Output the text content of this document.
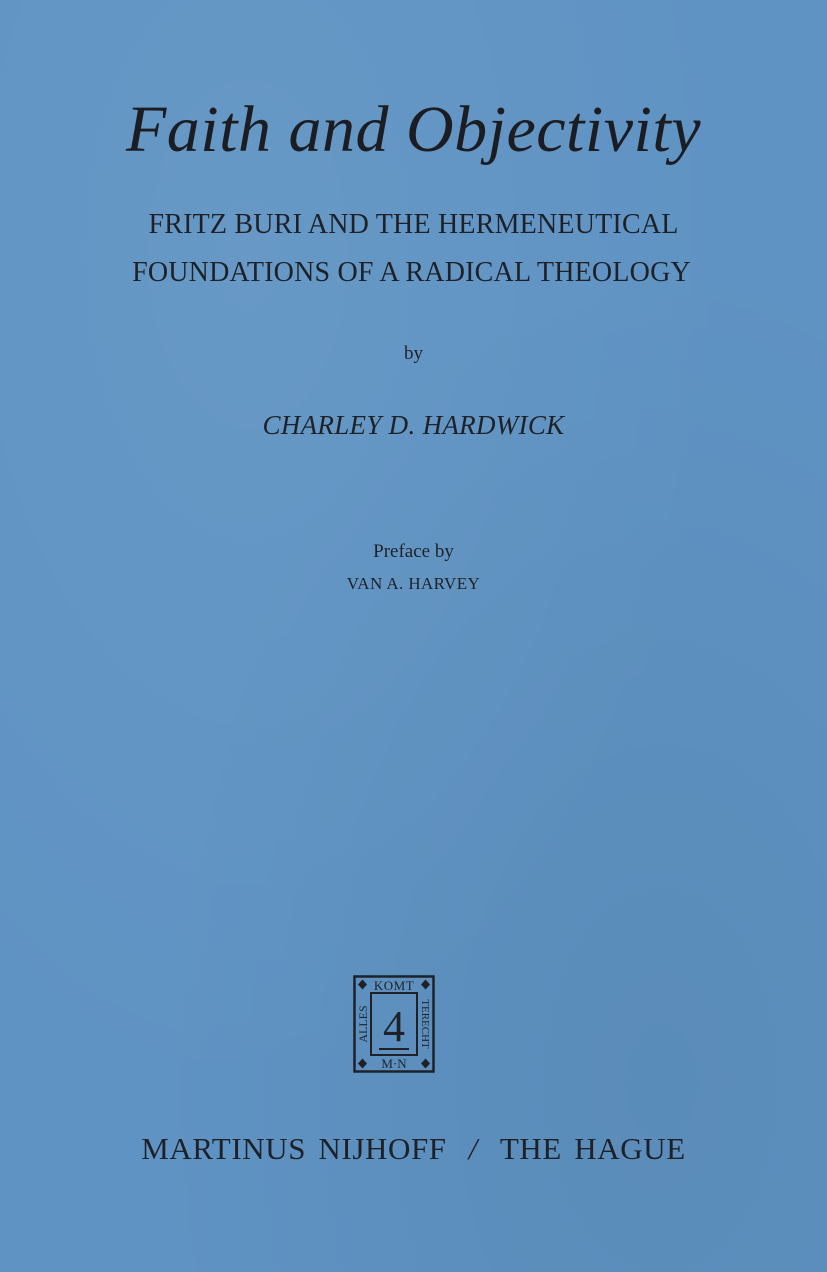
Faith and Objectivity

FRITZ BURI AND THE HERMENEUTICAL

FOUNDATIONS OF A RADICAL THEOLOGY

by

CHARLEY D. HARDWICK

Preface by

VAN A. HARVEY

KOMT
M·N
ALLES	TERECHT
4

MARTINUS NIJHOFF / THE HAGUE
